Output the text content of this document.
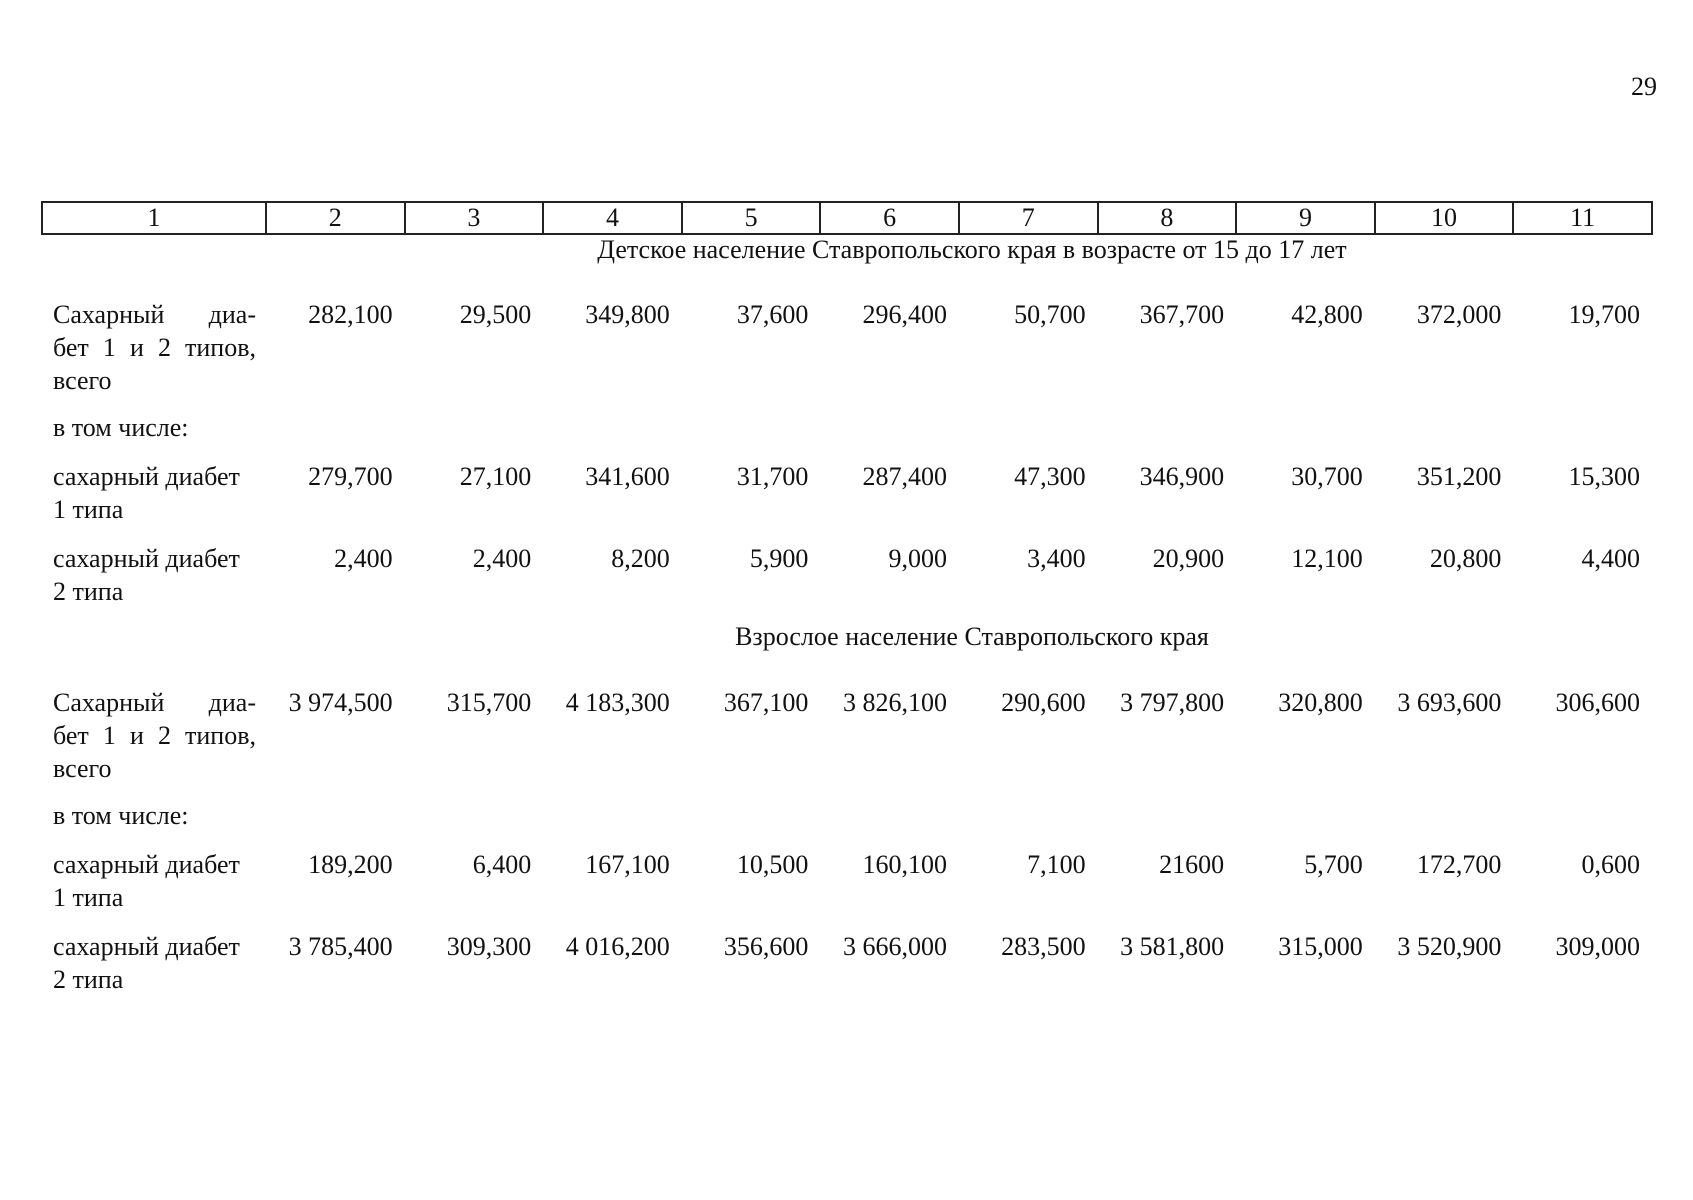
29
1	2	3	4	5	6	7	8	9	10	11
Детское население Ставропольского края в возрасте от 15 до 17 лет										

Сахарный диа-
бет 1 и 2 типов,
всего	282,100	29,500	349,800	37,600	296,400	50,700	367,700	42,800	372,000	19,700

в том числе:										

сахарный диабет
1 типа	279,700	27,100	341,600	31,700	287,400	47,300	346,900	30,700	351,200	15,300

сахарный диабет
2 типа	2,400	2,400	8,200	5,900	9,000	3,400	20,900	12,100	20,800	4,400

Взрослое население Ставропольского края										

Сахарный диа-
бет 1 и 2 типов,
всего	3 974,500	315,700	4 183,300	367,100	3 826,100	290,600	3 797,800	320,800	3 693,600	306,600

в том числе:										

сахарный диабет
1 типа	189,200	6,400	167,100	10,500	160,100	7,100	21600	5,700	172,700	0,600

сахарный диабет
2 типа	3 785,400	309,300	4 016,200	356,600	3 666,000	283,500	3 581,800	315,000	3 520,900	309,000
